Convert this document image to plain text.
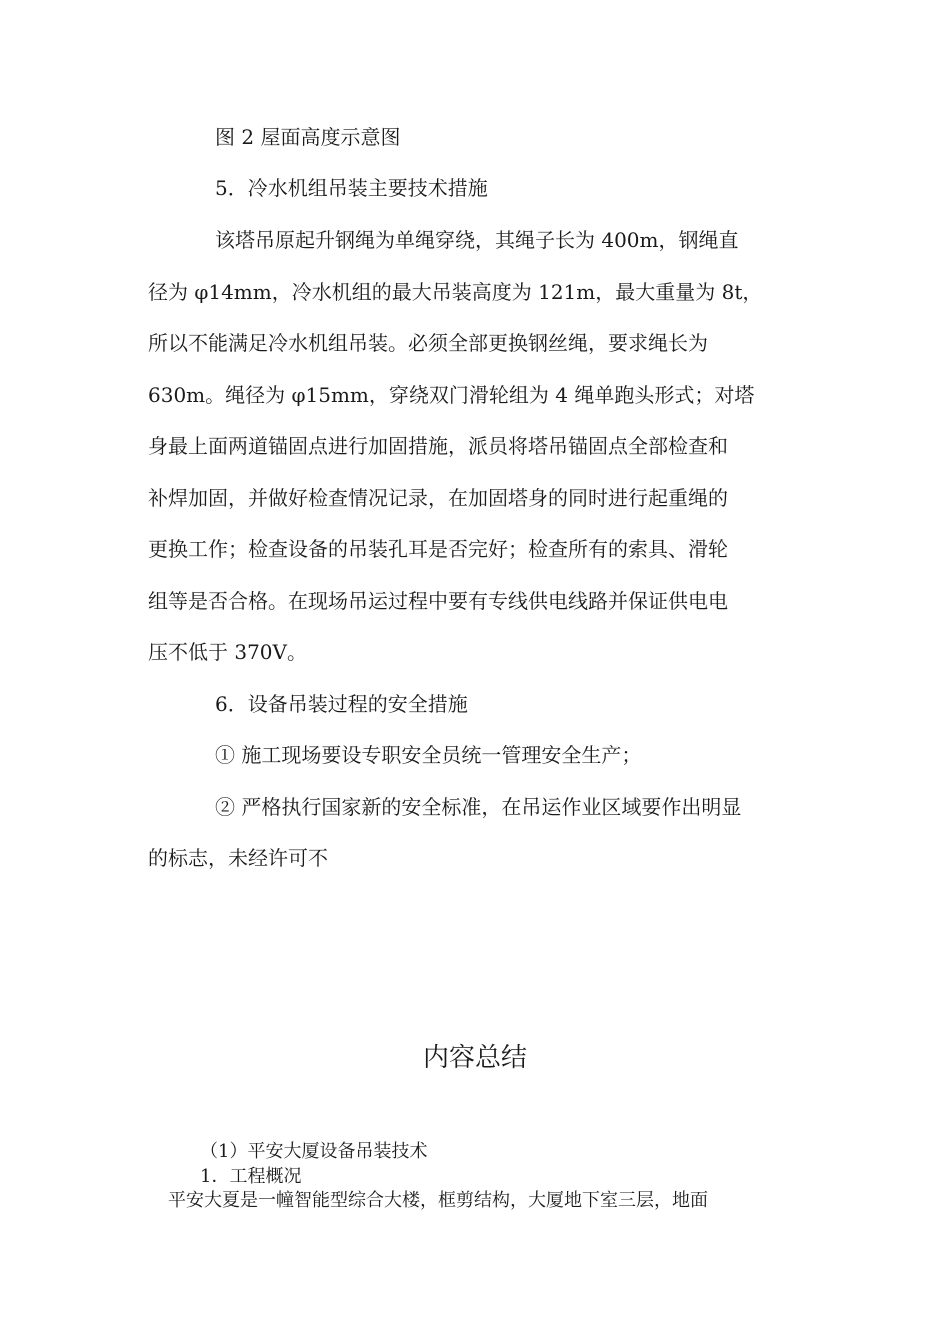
图 2 屋面高度示意图
5．冷水机组吊装主要技术措施
该塔吊原起升钢绳为单绳穿绕，其绳子长为 400m，钢绳直
径为 φ14mm，冷水机组的最大吊装高度为 121m，最大重量为 8t，
所以不能满足冷水机组吊装。必须全部更换钢丝绳，要求绳长为
630m。绳径为 φ15mm，穿绕双门滑轮组为 4 绳单跑头形式；对塔
身最上面两道锚固点进行加固措施，派员将塔吊锚固点全部检查和
补焊加固，并做好检查情况记录，在加固塔身的同时进行起重绳的
更换工作；检查设备的吊装孔耳是否完好；检查所有的索具、滑轮
组等是否合格。在现场吊运过程中要有专线供电线路并保证供电电
压不低于 370V。
6．设备吊装过程的安全措施
① 施工现场要设专职安全员统一管理安全生产；
② 严格执行国家新的安全标准，在吊运作业区域要作出明显
的标志，未经许可不
内容总结
（1）平安大厦设备吊装技术
1．工程概况
平安大夏是一幢智能型综合大楼，框剪结构，大厦地下室三层，地面
